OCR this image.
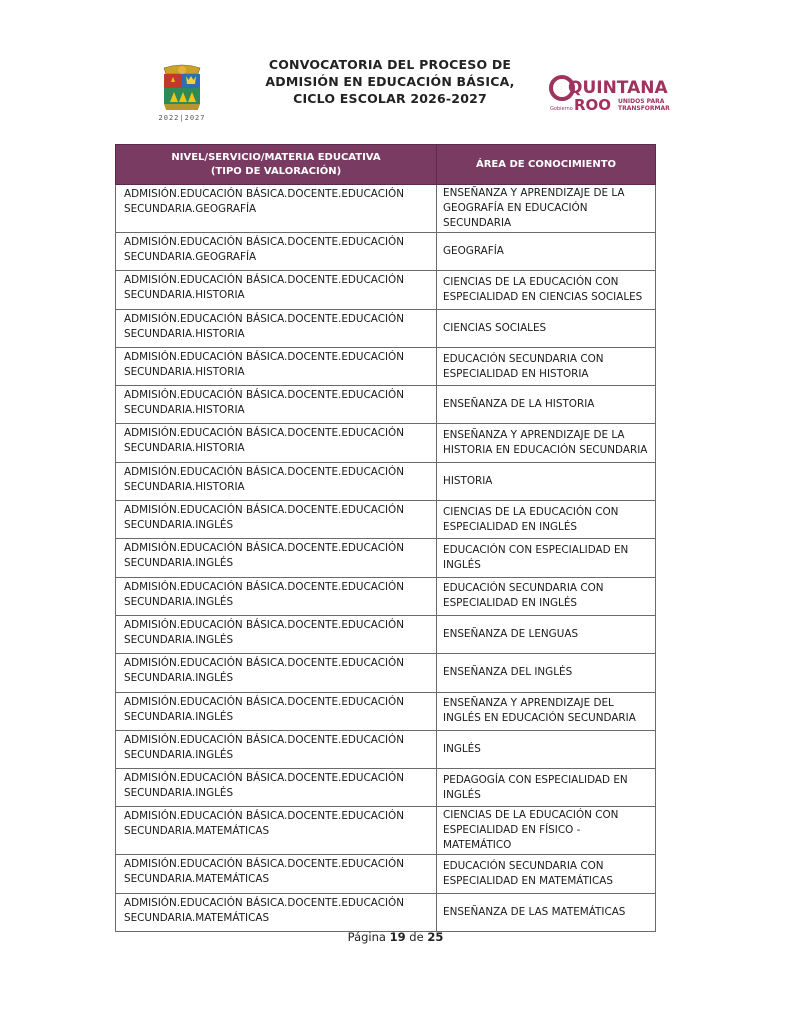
2022|2027
CONVOCATORIA DEL PROCESO DE
ADMISIÓN EN EDUCACIÓN BÁSICA,
CICLO ESCOLAR 2026-2027
QUINTANA
Gobierno ROO UNIDOS PARA
TRANSFORMAR
NIVEL/SERVICIO/MATERIA EDUCATIVA
(TIPO DE VALORACIÓN)	ÁREA DE CONOCIMIENTO

ADMISIÓN.EDUCACIÓN BÁSICA.DOCENTE.EDUCACIÓN
SECUNDARIA.GEOGRAFÍA	ENSEÑANZA Y APRENDIZAJE DE LA GEOGRAFÍA EN EDUCACIÓN SECUNDARIA

ADMISIÓN.EDUCACIÓN BÁSICA.DOCENTE.EDUCACIÓN
SECUNDARIA.GEOGRAFÍA	GEOGRAFÍA

ADMISIÓN.EDUCACIÓN BÁSICA.DOCENTE.EDUCACIÓN
SECUNDARIA.HISTORIA	CIENCIAS DE LA EDUCACIÓN CON ESPECIALIDAD EN CIENCIAS SOCIALES

ADMISIÓN.EDUCACIÓN BÁSICA.DOCENTE.EDUCACIÓN
SECUNDARIA.HISTORIA	CIENCIAS SOCIALES

ADMISIÓN.EDUCACIÓN BÁSICA.DOCENTE.EDUCACIÓN
SECUNDARIA.HISTORIA	EDUCACIÓN SECUNDARIA CON ESPECIALIDAD EN HISTORIA

ADMISIÓN.EDUCACIÓN BÁSICA.DOCENTE.EDUCACIÓN
SECUNDARIA.HISTORIA	ENSEÑANZA DE LA HISTORIA

ADMISIÓN.EDUCACIÓN BÁSICA.DOCENTE.EDUCACIÓN
SECUNDARIA.HISTORIA	ENSEÑANZA Y APRENDIZAJE DE LA HISTORIA EN EDUCACIÓN SECUNDARIA

ADMISIÓN.EDUCACIÓN BÁSICA.DOCENTE.EDUCACIÓN
SECUNDARIA.HISTORIA	HISTORIA

ADMISIÓN.EDUCACIÓN BÁSICA.DOCENTE.EDUCACIÓN
SECUNDARIA.INGLÉS	CIENCIAS DE LA EDUCACIÓN CON ESPECIALIDAD EN INGLÉS

ADMISIÓN.EDUCACIÓN BÁSICA.DOCENTE.EDUCACIÓN
SECUNDARIA.INGLÉS	EDUCACIÓN CON ESPECIALIDAD EN INGLÉS

ADMISIÓN.EDUCACIÓN BÁSICA.DOCENTE.EDUCACIÓN
SECUNDARIA.INGLÉS	EDUCACIÓN SECUNDARIA CON ESPECIALIDAD EN INGLÉS

ADMISIÓN.EDUCACIÓN BÁSICA.DOCENTE.EDUCACIÓN
SECUNDARIA.INGLÉS	ENSEÑANZA DE LENGUAS

ADMISIÓN.EDUCACIÓN BÁSICA.DOCENTE.EDUCACIÓN
SECUNDARIA.INGLÉS	ENSEÑANZA DEL INGLÉS

ADMISIÓN.EDUCACIÓN BÁSICA.DOCENTE.EDUCACIÓN
SECUNDARIA.INGLÉS	ENSEÑANZA Y APRENDIZAJE DEL INGLÉS EN EDUCACIÓN SECUNDARIA

ADMISIÓN.EDUCACIÓN BÁSICA.DOCENTE.EDUCACIÓN
SECUNDARIA.INGLÉS	INGLÉS

ADMISIÓN.EDUCACIÓN BÁSICA.DOCENTE.EDUCACIÓN
SECUNDARIA.INGLÉS	PEDAGOGÍA CON ESPECIALIDAD EN INGLÉS

ADMISIÓN.EDUCACIÓN BÁSICA.DOCENTE.EDUCACIÓN
SECUNDARIA.MATEMÁTICAS	CIENCIAS DE LA EDUCACIÓN CON ESPECIALIDAD EN FÍSICO - MATEMÁTICO

ADMISIÓN.EDUCACIÓN BÁSICA.DOCENTE.EDUCACIÓN
SECUNDARIA.MATEMÁTICAS	EDUCACIÓN SECUNDARIA CON ESPECIALIDAD EN MATEMÁTICAS

ADMISIÓN.EDUCACIÓN BÁSICA.DOCENTE.EDUCACIÓN
SECUNDARIA.MATEMÁTICAS	ENSEÑANZA DE LAS MATEMÁTICAS
Página 19 de 25
